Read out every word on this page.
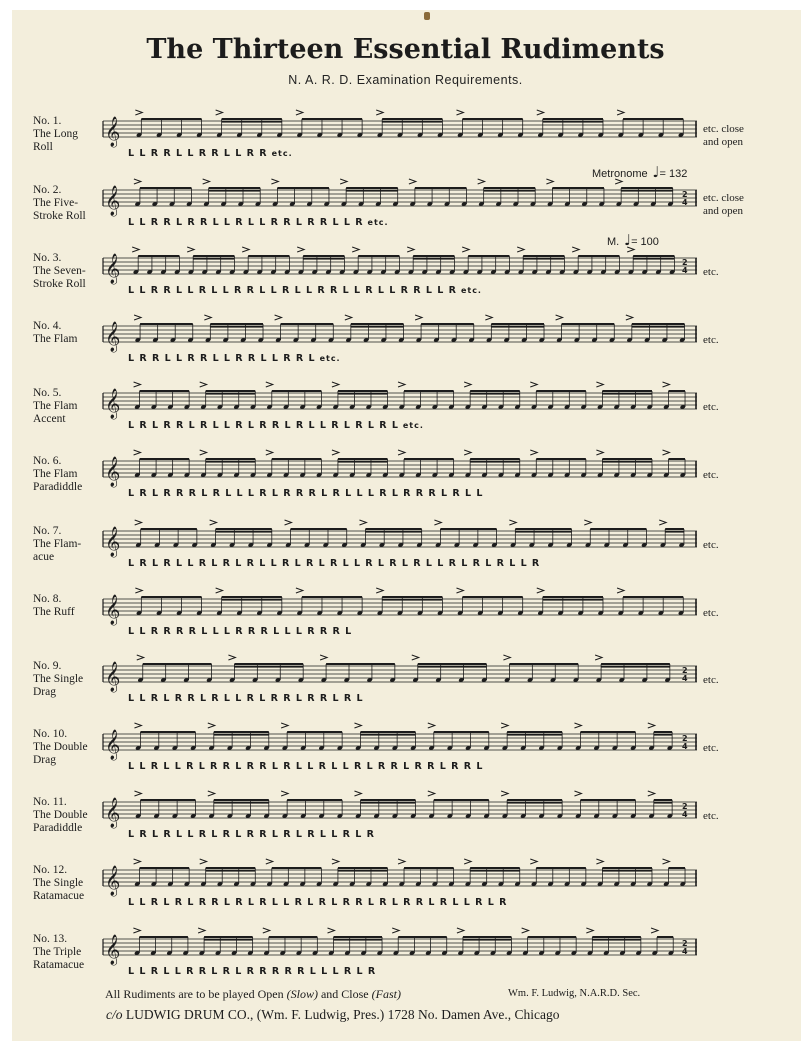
The Thirteen Essential Rudiments
N. A. R. D. Examination Requirements.
No. 1.
The Long
Roll	𝄞
L L R R L L R R L L R R etc.
etc. close
and open
No. 2.
The Five-
Stroke Roll 𝄞	2
4
L L R R L R R L L R L L R R L R R L L R etc.
etc. close
and open
Metronome ♩= 132
No. 3.
The Seven-
Stroke Roll 𝄞	2
4
L L R R L L R L L R R L L R L L R R L L R L L R R L L R etc.
etc.
M. ♩= 100
No. 4.
The Flam	𝄞
L R R L L R R L L R R L L R R L etc.
etc.
No. 5.
The Flam
Accent	𝄞
L R L R R L R L L R L R R L R L L R L R L R L etc.
etc.
No. 6.
The Flam
Paradiddle 𝄞
L R L R R R L R L L L R L R R R L R L L L R L R R R L R L L
etc.
No. 7.
The Flam-
acue	𝄞
L R L R L L R L R L R L L R L R L R L L R L R L R L L R L R L R L L R
etc.
No. 8.
The Ruff	𝄞
L L R R R R L L L R R R L L L R R R L
etc.
No. 9.
The Single
Drag	𝄞	2
4
L L R L R R L R L L R L R R L R R L R L
etc.
No. 10.
The Double
Drag	𝄞	2
4
L L R L L R L R R L R R L R L L R L L R L R R L R R L R R L
etc.
No. 11.
The Double
Paradiddle 𝄞	2
4
L R L R L L R L R L R R L R L R L L R L R
etc.
No. 12.
The Single
Ratamacue 𝄞
L L R L R L R R L R L R L L R L R L R R L R L R R L R L L R L R
No. 13.
The Triple
Ratamacue 𝄞	2
4
L L R L L R R L R L R R R R R L L L R L R
All Rudiments are to be played Open (Slow) and Close (Fast)	Wm. F. Ludwig, N.A.R.D. Sec.
c/o LUDWIG DRUM CO., (Wm. F. Ludwig, Pres.) 1728 No. Damen Ave., Chicago
